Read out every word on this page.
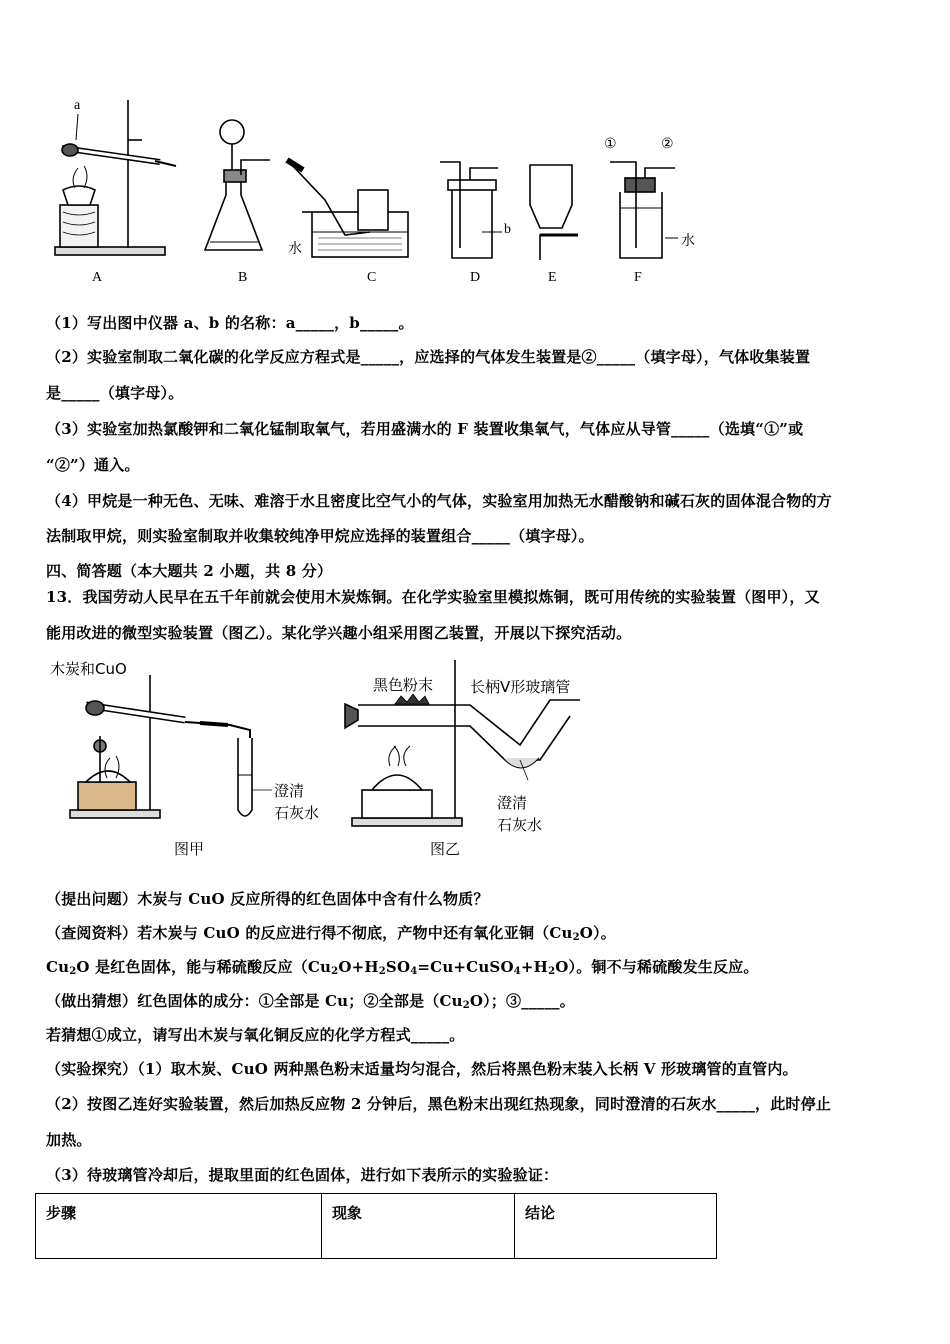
A	B	C	D	E	F
a
b
水
水
①	②
（1）写出图中仪器 a、b 的名称：a_____，b_____。
（2）实验室制取二氧化碳的化学反应方程式是_____，应选择的气体发生装置是②_____（填字母），气体收集装置
是_____（填字母）。
（3）实验室加热氯酸钾和二氧化锰制取氧气，若用盛满水的 F 装置收集氧气，气体应从导管_____（选填“①”或
“②”）通入。
（4）甲烷是一种无色、无味、难溶于水且密度比空气小的气体，实验室用加热无水醋酸钠和碱石灰的固体混合物的方
法制取甲烷，则实验室制取并收集较纯净甲烷应选择的装置组合_____（填字母）。
四、简答题（本大题共 2 小题，共 8 分）
13．我国劳动人民早在五千年前就会使用木炭炼铜。在化学实验室里模拟炼铜，既可用传统的实验装置（图甲），又
能用改进的微型实验装置（图乙）。某化学兴趣小组采用图乙装置，开展以下探究活动。
木炭和CuO
澄清
石灰水
图甲
黑色粉末 长柄V形玻璃管
澄清
石灰水
图乙
（提出问题）木炭与 CuO 反应所得的红色固体中含有什么物质？
（查阅资料）若木炭与 CuO 的反应进行得不彻底，产物中还有氧化亚铜$(Cu_2O)$。
$Cu_2O$ 是红色固体，能与稀硫酸反应$(Cu_2O+H_2SO_4=Cu+CuSO_4+H_2O)$。铜不与稀硫酸发生反应。
（做出猜想）红色固体的成分：①全部是 Cu；②全部是$(Cu_2O)$；③_____。
若猜想①成立，请写出木炭与氧化铜反应的化学方程式_____。
（实验探究）（1）取木炭、CuO 两种黑色粉末适量均匀混合，然后将黑色粉末装入长柄 V 形玻璃管的直管内。
（2）按图乙连好实验装置，然后加热反应物 2 分钟后，黑色粉末出现红热现象，同时澄清的石灰水_____，此时停止
加热。
（3）待玻璃管冷却后，提取里面的红色固体，进行如下表所示的实验验证：
步骤	现象	结论
